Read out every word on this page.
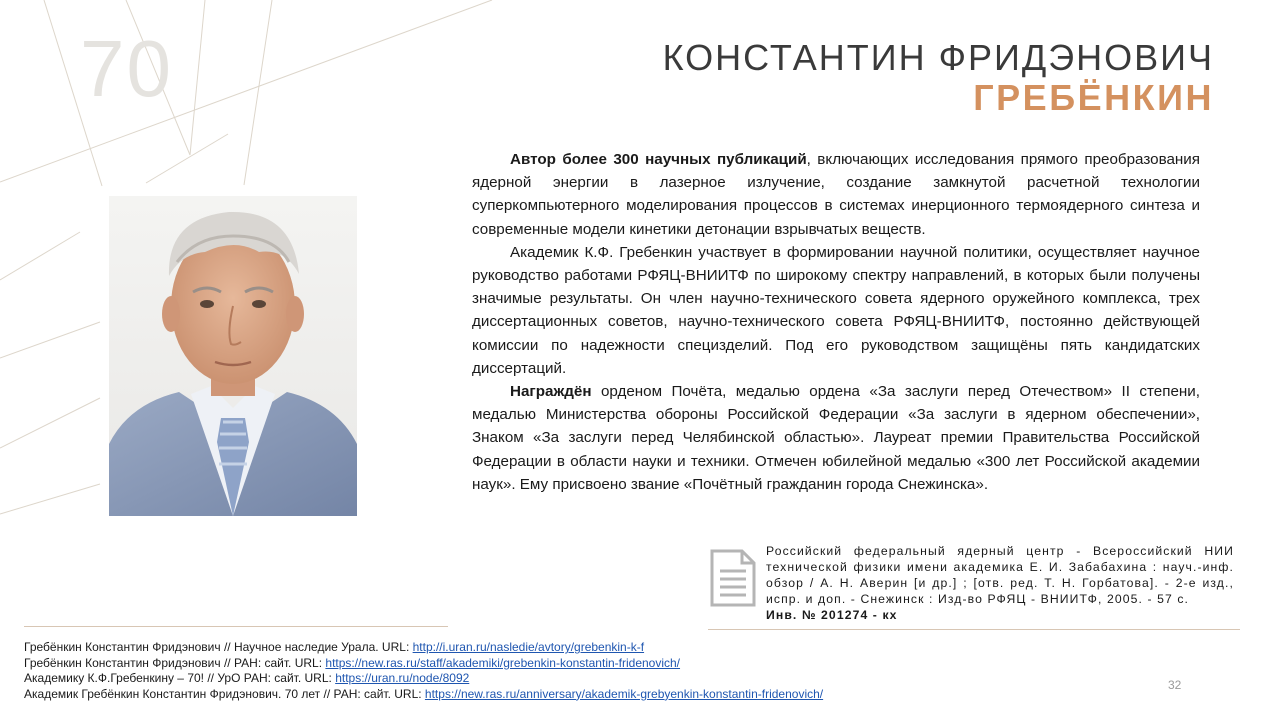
70	КОНСТАНТИН ФРИДЭНОВИЧ
ГРЕБЁНКИН

Автор более 300 научных публикаций, включающих исследования прямого преобразования ядерной энергии в лазерное излучение, создание замкнутой расчетной технологии суперкомпьютерного моделирования процессов в системах инерционного термоядерного синтеза и современные модели кинетики детонации взрывчатых веществ.

Академик К.Ф. Гребенкин участвует в формировании научной политики, осуществляет научное руководство работами РФЯЦ-ВНИИТФ по широкому спектру направлений, в которых были получены значимые результаты. Он член научно-технического совета ядерного оружейного комплекса, трех диссертационных советов, научно-технического совета РФЯЦ-ВНИИТФ, постоянно действующей комиссии по надежности специзделий. Под его руководством защищёны пять кандидатских диссертаций.

Награждён орденом Почёта, медалью ордена «За заслуги перед Отечеством» II степени, медалью Министерства обороны Российской Федерации «За заслуги в ядерном обеспечении», Знаком «За заслуги перед Челябинской областью». Лауреат премии Правительства Российской Федерации в области науки и техники. Отмечен юбилейной медалью «300 лет Российской академии наук». Ему присвоено звание «Почётный гражданин города Снежинска».

Российский федеральный ядерный центр - Всероссийский НИИ технической физики имени академика Е. И. Забабахина : науч.-инф. обзор / А. Н. Аверин [и др.] ; [отв. ред. Т. Н. Горбатова]. - 2-е изд., испр. и доп. - Снежинск : Изд-во РФЯЦ - ВНИИТФ, 2005. - 57 с.
Инв. № 201274 - кх
Гребёнкин Константин Фридэнович // Научное наследие Урала. URL: http://i.uran.ru/nasledie/avtory/grebenkin-k-f
Гребёнкин Константин Фридэнович // РАН: сайт. URL: https://new.ras.ru/staff/akademiki/grebenkin-konstantin-fridenovich/
Академику К.Ф.Гребенкину – 70! // УрО РАН: сайт. URL: https://uran.ru/node/8092
Академик Гребёнкин Константин Фридэнович. 70 лет // РАН: сайт. URL: https://new.ras.ru/anniversary/akademik-grebyenkin-konstantin-fridenovich/
32
